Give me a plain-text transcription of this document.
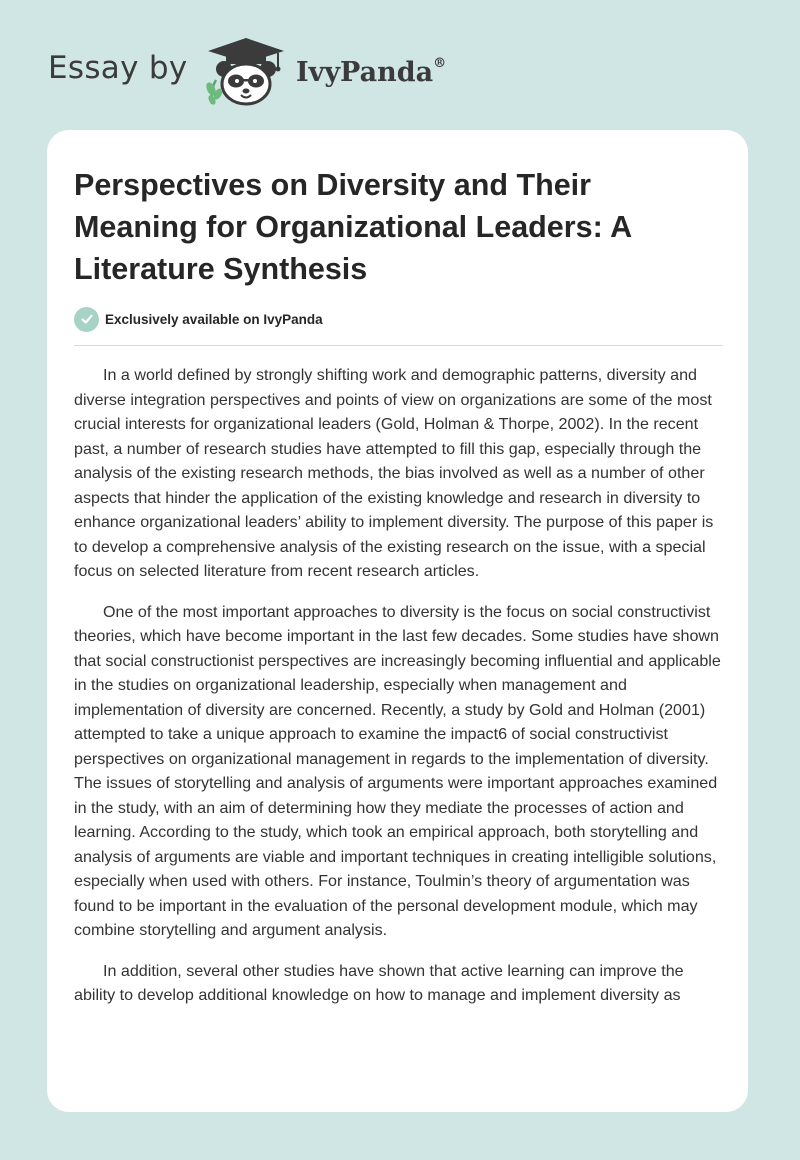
Essay by	IvyPanda®
Perspectives on Diversity and Their Meaning for Organizational Leaders: A Literature Synthesis
Exclusively available on IvyPanda

In a world defined by strongly shifting work and demographic patterns, diversity and diverse integration perspectives and points of view on organizations are some of the most crucial interests for organizational leaders (Gold, Holman & Thorpe, 2002). In the recent past, a number of research studies have attempted to fill this gap, especially through the analysis of the existing research methods, the bias involved as well as a number of other aspects that hinder the application of the existing knowledge and research in diversity to enhance organizational leaders’ ability to implement diversity. The purpose of this paper is to develop a comprehensive analysis of the existing research on the issue, with a special focus on selected literature from recent research articles.

One of the most important approaches to diversity is the focus on social constructivist theories, which have become important in the last few decades. Some studies have shown that social constructionist perspectives are increasingly becoming influential and applicable in the studies on organizational leadership, especially when management and implementation of diversity are concerned. Recently, a study by Gold and Holman (2001) attempted to take a unique approach to examine the impact6 of social constructivist perspectives on organizational management in regards to the implementation of diversity. The issues of storytelling and analysis of arguments were important approaches examined in the study, with an aim of determining how they mediate the processes of action and learning. According to the study, which took an empirical approach, both storytelling and analysis of arguments are viable and important techniques in creating intelligible solutions, especially when used with others. For instance, Toulmin’s theory of argumentation was found to be important in the evaluation of the personal development module, which may combine storytelling and argument analysis.

In addition, several other studies have shown that active learning can improve the ability to develop additional knowledge on how to manage and implement diversity as
